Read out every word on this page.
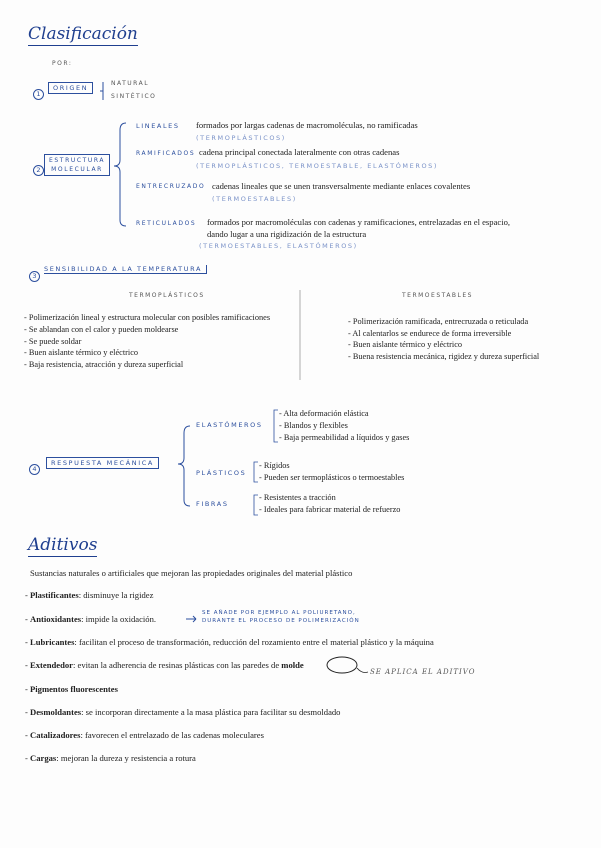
Clasificación
POR:
1
ORIGEN
NATURAL
SINTÉTICO
2
ESTRUCTURA
MOLECULAR
LINEALES formados por largas cadenas de macromoléculas, no ramificadas
(TERMOPLÁSTICOS)
RAMIFICADOS cadena principal conectada lateralmente con otras cadenas
(TERMOPLÁSTICOS, TERMOESTABLE, ELASTÓMEROS)
ENTRECRUZADO cadenas lineales que se unen transversalmente mediante enlaces covalentes
(TERMOESTABLES)
RETICULADOS formados por macromoléculas con cadenas y ramificaciones, entrelazadas en el espacio,
dando lugar a una rigidización de la estructura
(TERMOESTABLES, ELASTÓMEROS)
3
SENSIBILIDAD A LA TEMPERATURA
TERMOPLÁSTICOS	TERMOESTABLES
- Polimerización lineal y estructura molecular con posibles ramificaciones
- Se ablandan con el calor y pueden moldearse
- Se puede soldar
- Buen aislante térmico y eléctrico
- Baja resistencia, atracción y dureza superficial
- Polimerización ramificada, entrecruzada o reticulada
- Al calentarlos se endurece de forma irreversible
- Buen aislante térmico y eléctrico
- Buena resistencia mecánica, rigidez y dureza superficial
4
RESPUESTA MECÁNICA
ELASTÓMEROS
- Alta deformación elástica
- Blandos y flexibles
- Baja permeabilidad a líquidos y gases
PLÁSTICOS
- Rígidos
- Pueden ser termoplásticos o termoestables
FIBRAS
- Resistentes a tracción
- Ideales para fabricar material de refuerzo
Aditivos
Sustancias naturales o artificiales que mejoran las propiedades originales del material plástico
- Plastificantes: disminuye la rigidez
- Antioxidantes: impide la oxidación.
SE AÑADE POR EJEMPLO AL POLIURETANO,
DURANTE EL PROCESO DE POLIMERIZACIÓN
- Lubricantes: facilitan el proceso de transformación, reducción del rozamiento entre el material plástico y la máquina
- Extendedor: evitan la adherencia de resinas plásticas con las paredes de molde
SE APLICA EL ADITIVO
- Pigmentos fluorescentes
- Desmoldantes: se incorporan directamente a la masa plástica para facilitar su desmoldado
- Catalizadores: favorecen el entrelazado de las cadenas moleculares
- Cargas: mejoran la dureza y resistencia a rotura
